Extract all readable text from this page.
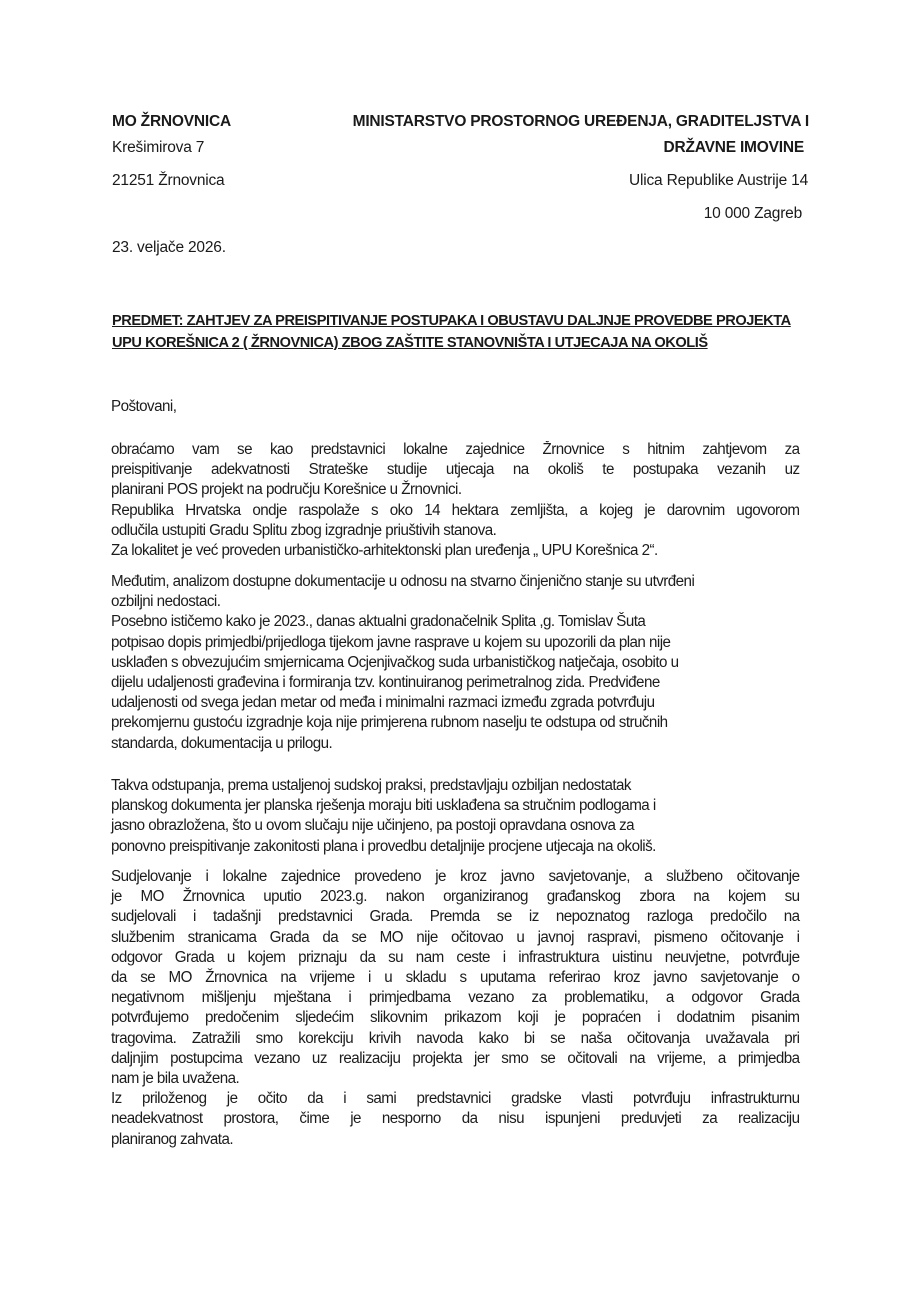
MO ŽRNOVNICA
Krešimirova 7
21251 Žrnovnica
MINISTARSTVO PROSTORNOG UREĐENJA, GRADITELJSTVA I
DRŽAVNE IMOVINE
Ulica Republike Austrije 14
10 000 Zagreb
23. veljače 2026.
PREDMET: ZAHTJEV ZA PREISPITIVANJE POSTUPAKA I OBUSTAVU DALJNJE PROVEDBE PROJEKTA
UPU KOREŠNICA 2 ( ŽRNOVNICA) ZBOG ZAŠTITE STANOVNIŠTA I UTJECAJA NA OKOLIŠ
Poštovani,
obraćamo vam se kao predstavnici lokalne zajednice Žrnovnice s hitnim zahtjevom za
preispitivanje adekvatnosti Strateške studije utjecaja na okoliš te postupaka vezanih uz
planirani POS projekt na području Korešnice u Žrnovnici.
Republika Hrvatska ondje raspolaže s oko 14 hektara zemljišta, a kojeg je darovnim ugovorom
odlučila ustupiti Gradu Splitu zbog izgradnje priuštivih stanova.
Za lokalitet je već proveden urbanističko-arhitektonski plan uređenja „ UPU Korešnica 2“.
Međutim, analizom dostupne dokumentacije u odnosu na stvarno činjenično stanje su utvrđeni
ozbiljni nedostaci.
Posebno ističemo kako je 2023., danas aktualni gradonačelnik Splita ,g. Tomislav Šuta
potpisao dopis primjedbi/prijedloga tijekom javne rasprave u kojem su upozorili da plan nije
usklađen s obvezujućim smjernicama Ocjenjivačkog suda urbanističkog natječaja, osobito u
dijelu udaljenosti građevina i formiranja tzv. kontinuiranog perimetralnog zida. Predviđene
udaljenosti od svega jedan metar od međa i minimalni razmaci između zgrada potvrđuju
prekomjernu gustoću izgradnje koja nije primjerena rubnom naselju te odstupa od stručnih
standarda, dokumentacija u prilogu.
Takva odstupanja, prema ustaljenoj sudskoj praksi, predstavljaju ozbiljan nedostatak
planskog dokumenta jer planska rješenja moraju biti usklađena sa stručnim podlogama i
jasno obrazložena, što u ovom slučaju nije učinjeno, pa postoji opravdana osnova za
ponovno preispitivanje zakonitosti plana i provedbu detaljnije procjene utjecaja na okoliš.
Sudjelovanje i lokalne zajednice provedeno je kroz javno savjetovanje, a službeno očitovanje
je MO Žrnovnica uputio 2023.g. nakon organiziranog građanskog zbora na kojem su
sudjelovali i tadašnji predstavnici Grada. Premda se iz nepoznatog razloga predočilo na
službenim stranicama Grada da se MO nije očitovao u javnoj raspravi, pismeno očitovanje i
odgovor Grada u kojem priznaju da su nam ceste i infrastruktura uistinu neuvjetne, potvrđuje
da se MO Žrnovnica na vrijeme i u skladu s uputama referirao kroz javno savjetovanje o
negativnom mišljenju mještana i primjedbama vezano za problematiku, a odgovor Grada
potvrđujemo predočenim sljedećim slikovnim prikazom koji je popraćen i dodatnim pisanim
tragovima. Zatražili smo korekciju krivih navoda kako bi se naša očitovanja uvažavala pri
daljnjim postupcima vezano uz realizaciju projekta jer smo se očitovali na vrijeme, a primjedba
nam je bila uvažena.
Iz priloženog je očito da i sami predstavnici gradske vlasti potvrđuju infrastrukturnu
neadekvatnost prostora, čime je nesporno da nisu ispunjeni preduvjeti za realizaciju
planiranog zahvata.
